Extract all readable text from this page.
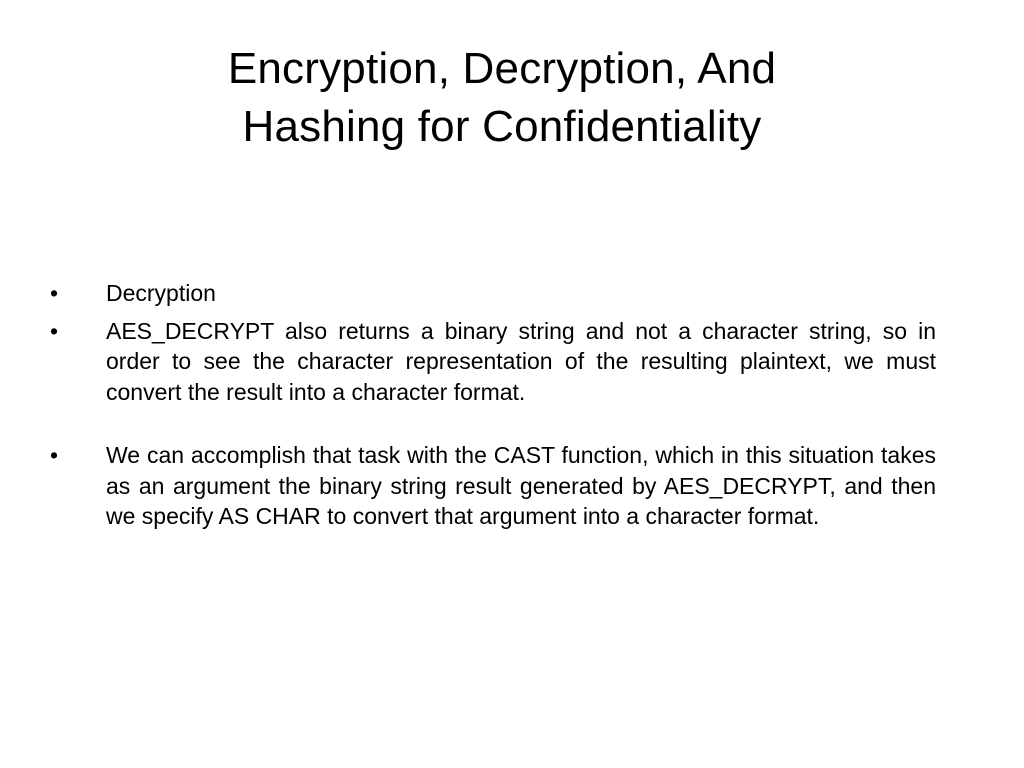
Encryption, Decryption, And
Hashing for Confidentiality
•	Decryption
•	AES_DECRYPT also returns a binary string and not a character string, so in order to see the character representation of the resulting plaintext, we must convert the result into a character format.
•	We can accomplish that task with the CAST function, which in this situation takes as an argument the binary string result generated by AES_DECRYPT, and then we specify AS CHAR to convert that argument into a character format.
